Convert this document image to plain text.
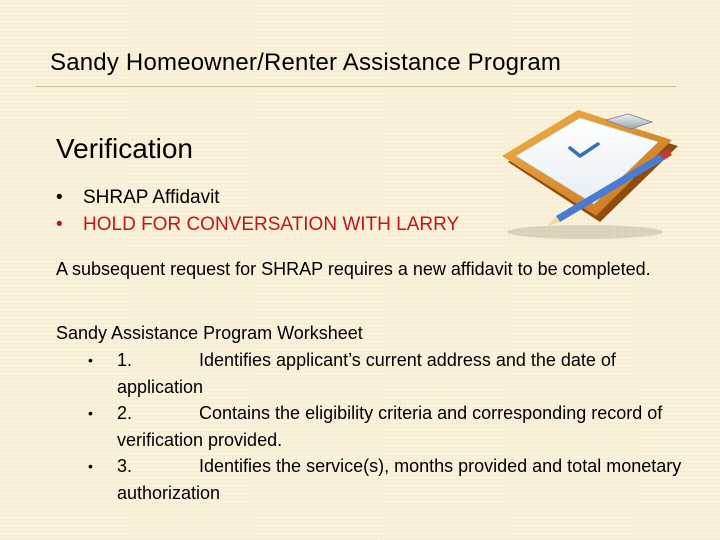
Sandy Homeowner/Renter Assistance Program
Verification
• SHRAP Affidavit
• HOLD FOR CONVERSATION WITH LARRY

A subsequent request for SHRAP requires a new affidavit to be completed.

Sandy Assistance Program Worksheet
• 1.	Identifies applicant’s current address and the date of application
• 2.	Contains the eligibility criteria and corresponding record of verification provided.
• 3.	Identifies the service(s), months provided and total monetary authorization
